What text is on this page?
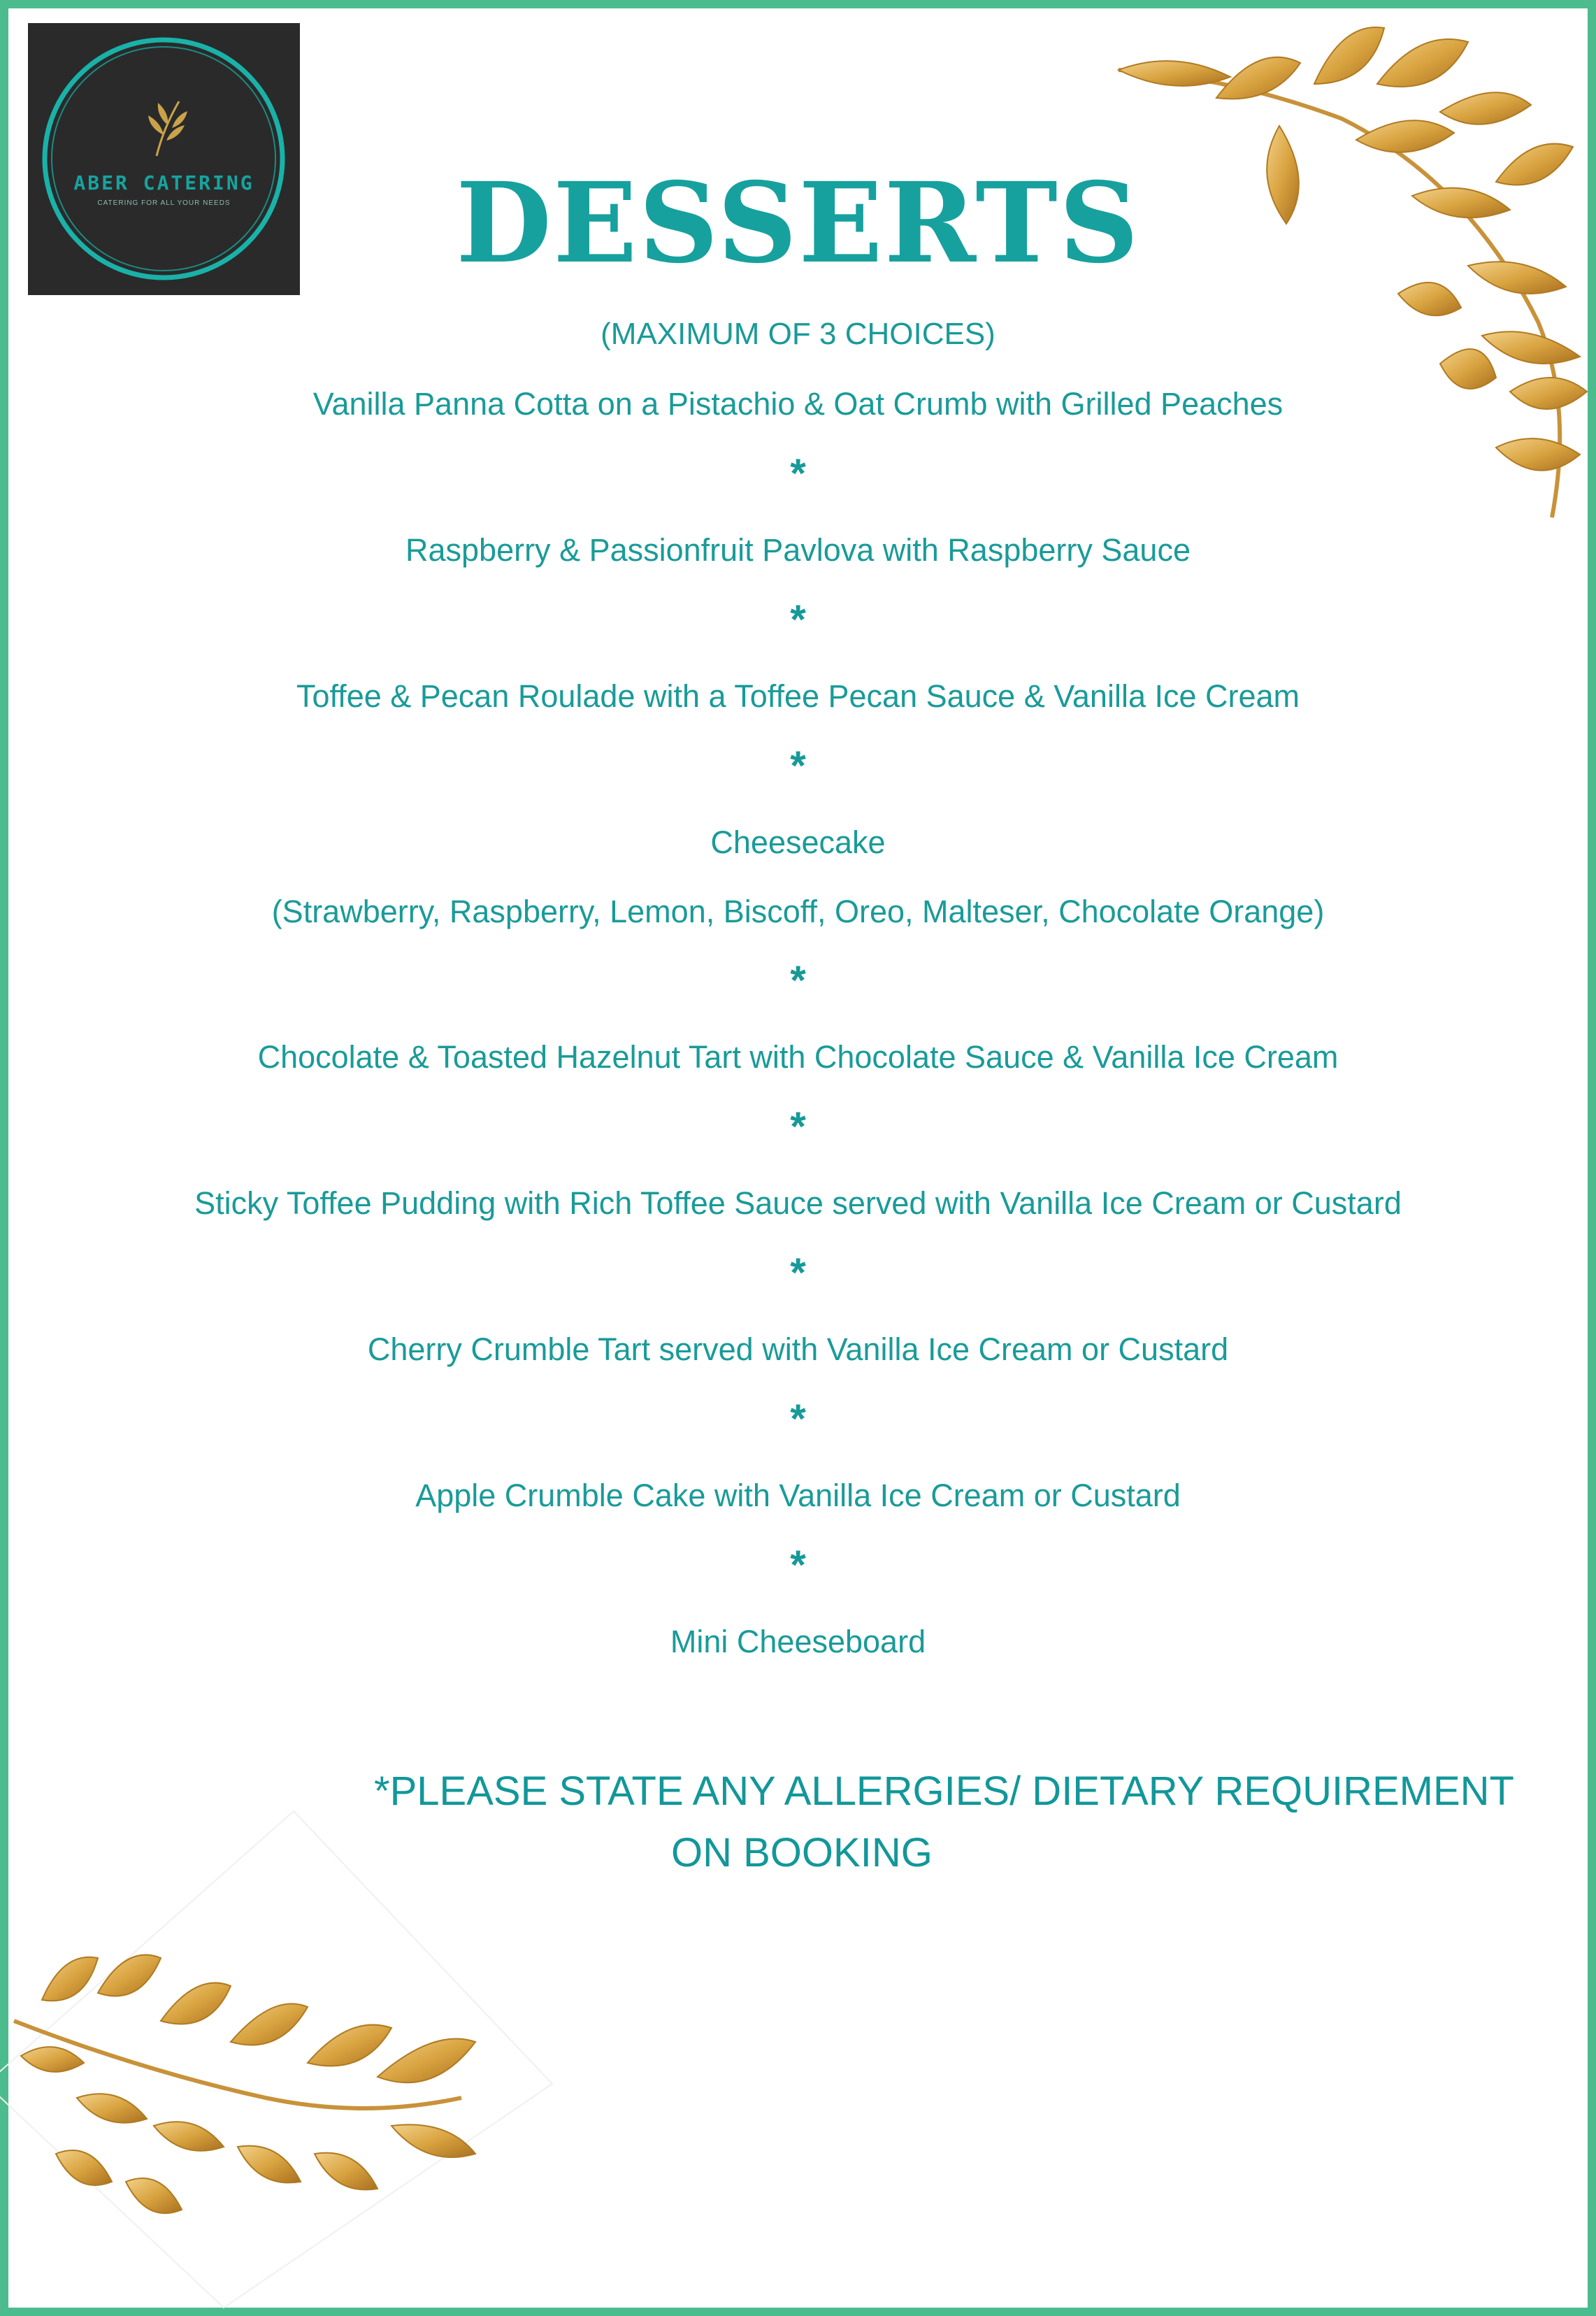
ABER CATERING
CATERING FOR ALL YOUR NEEDS	DESSERTS
(MAXIMUM OF 3 CHOICES)
Vanilla Panna Cotta on a Pistachio & Oat Crumb with Grilled Peaches
*
Raspberry & Passionfruit Pavlova with Raspberry Sauce
*
Toffee & Pecan Roulade with a Toffee Pecan Sauce & Vanilla Ice Cream
*
Cheesecake
(Strawberry, Raspberry, Lemon, Biscoff, Oreo, Malteser, Chocolate Orange)
*
Chocolate & Toasted Hazelnut Tart with Chocolate Sauce & Vanilla Ice Cream
*
Sticky Toffee Pudding with Rich Toffee Sauce served with Vanilla Ice Cream or Custard
*
Cherry Crumble Tart served with Vanilla Ice Cream or Custard
*
Apple Crumble Cake with Vanilla Ice Cream or Custard
*
Mini Cheeseboard
*PLEASE STATE ANY ALLERGIES/ DIETARY REQUIREMENT
ON BOOKING
